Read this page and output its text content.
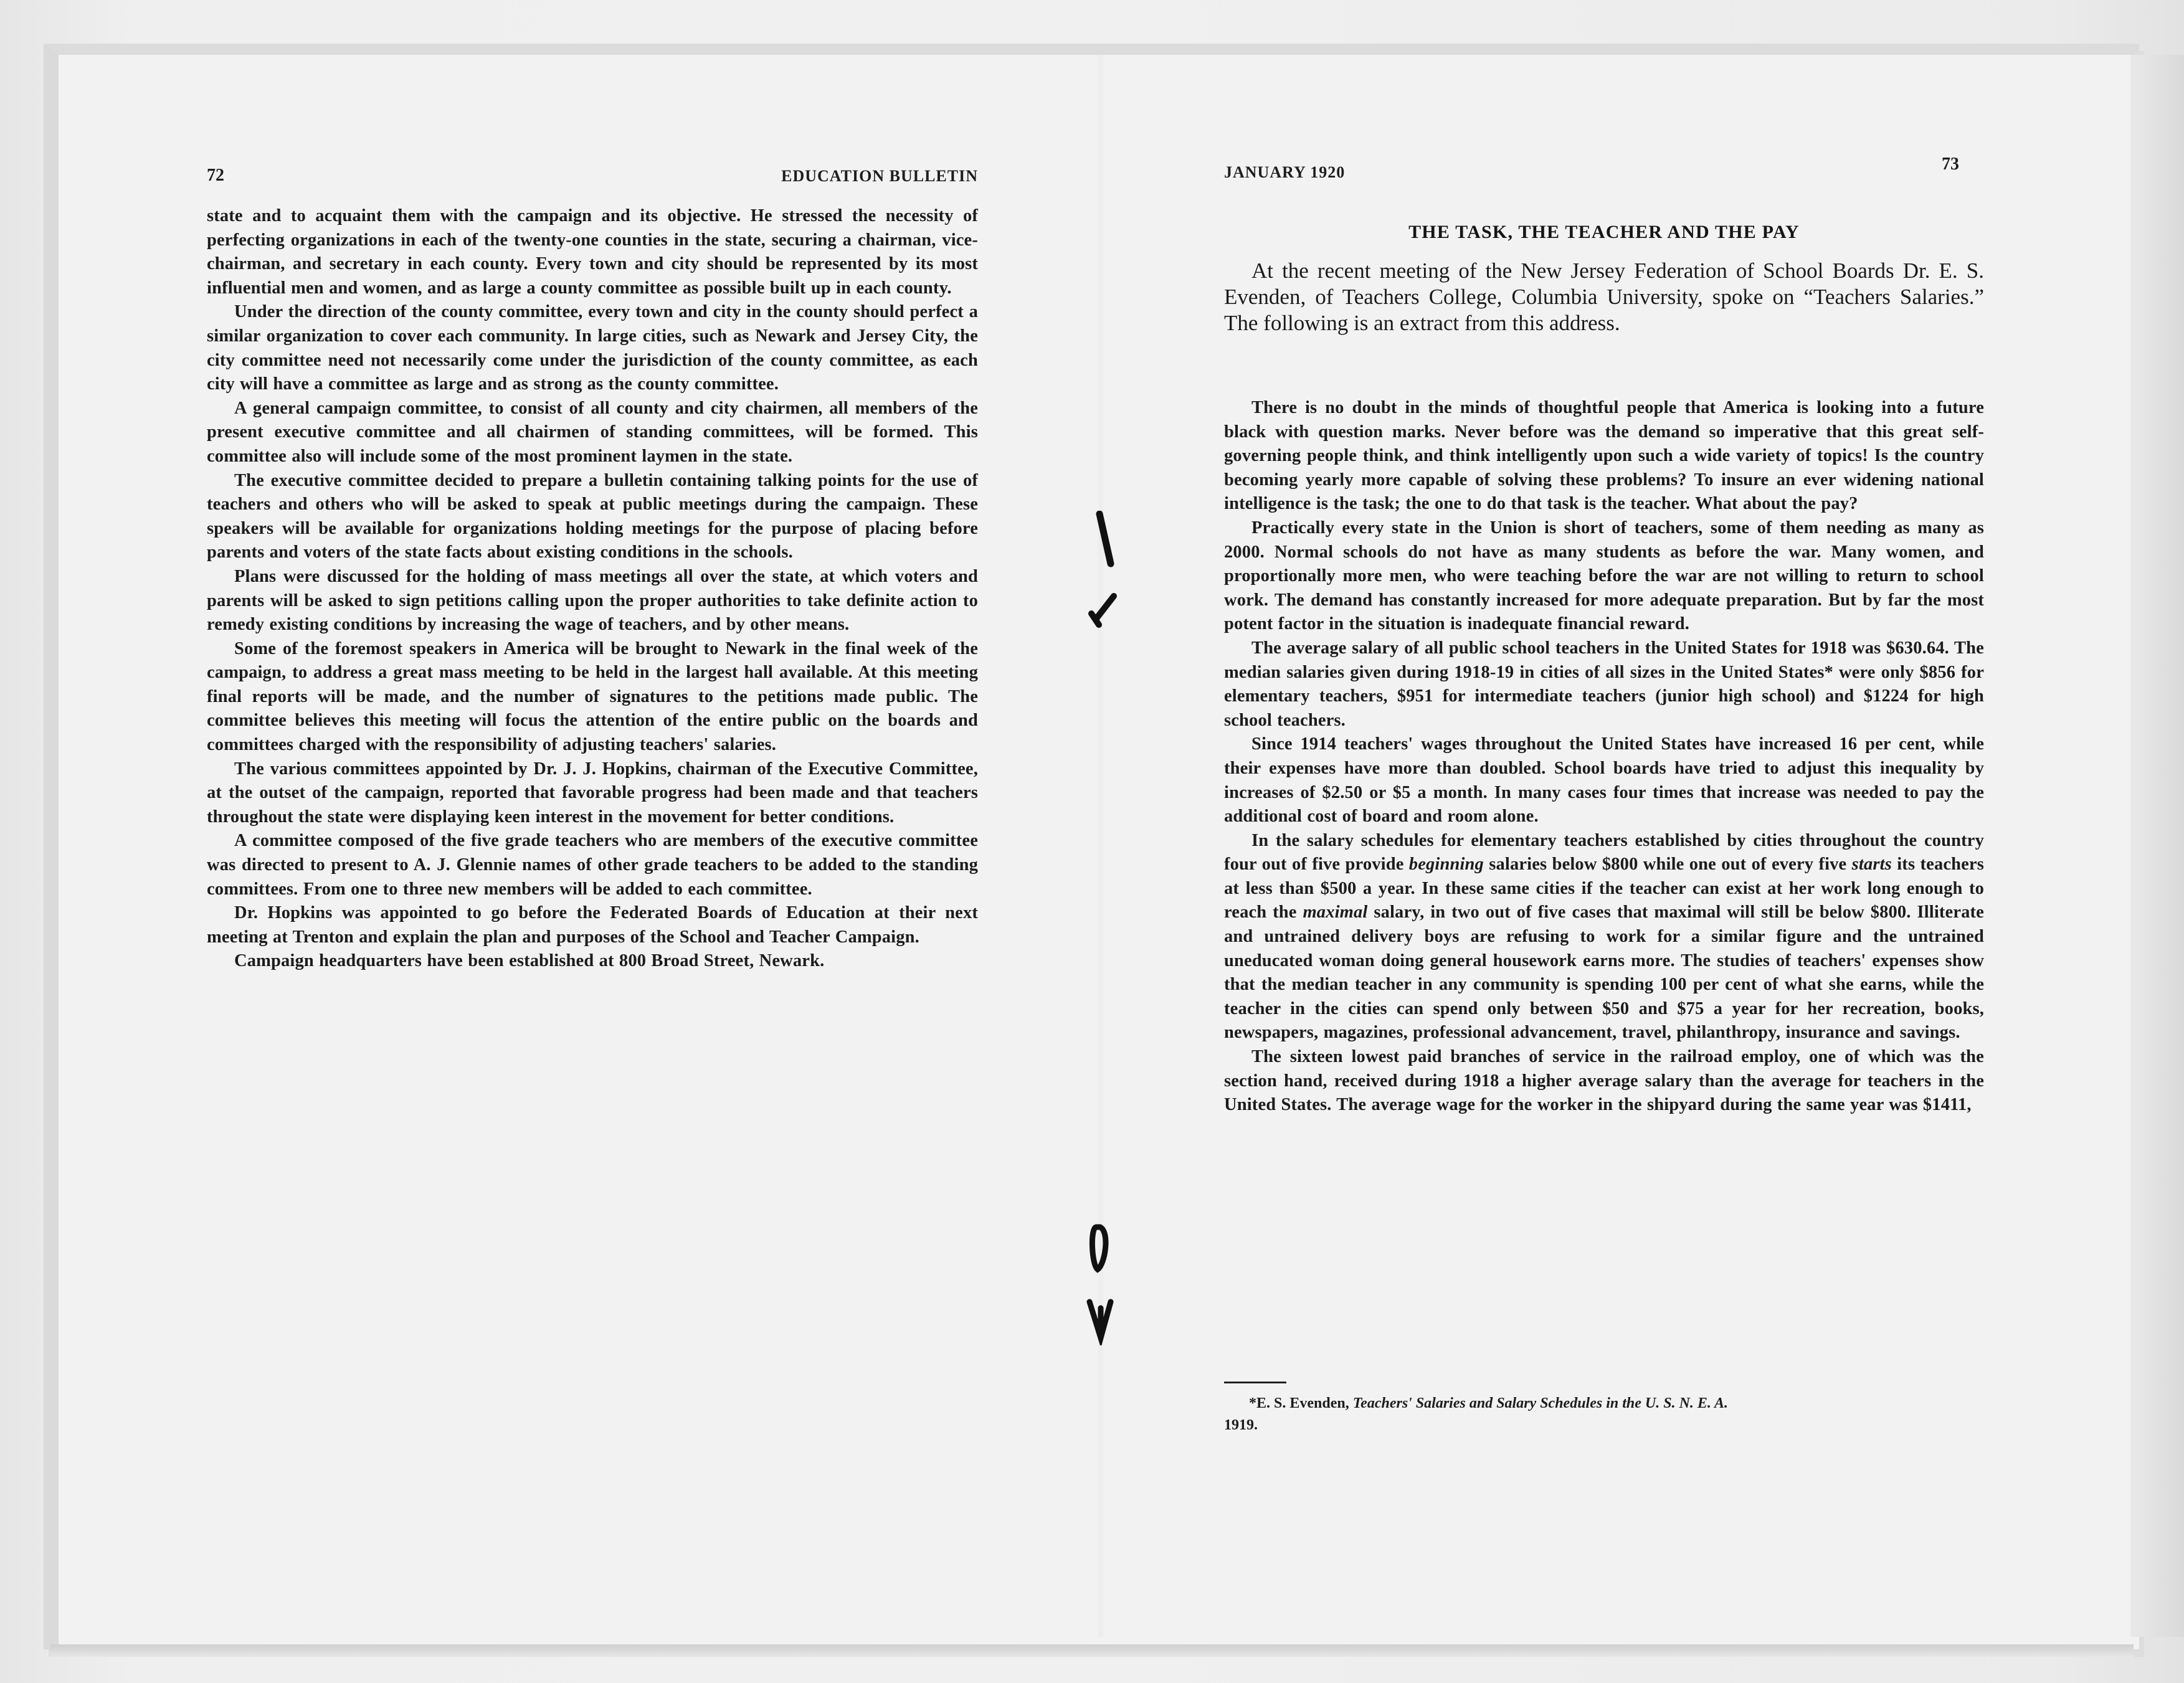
72	EDUCATION BULLETIN

state and to acquaint them with the campaign and its objective. He stressed the necessity of perfecting organizations in each of the twenty-one counties in the state, securing a chairman, vice-chairman, and secretary in each county. Every town and city should be represented by its most influential men and women, and as large a county committee as possible built up in each county.

Under the direction of the county committee, every town and city in the county should perfect a similar organization to cover each community. In large cities, such as Newark and Jersey City, the city committee need not necessarily come under the jurisdiction of the county committee, as each city will have a committee as large and as strong as the county committee.

A general campaign committee, to consist of all county and city chairmen, all members of the present executive committee and all chairmen of standing committees, will be formed. This committee also will include some of the most prominent laymen in the state.

The executive committee decided to prepare a bulletin containing talking points for the use of teachers and others who will be asked to speak at public meetings during the campaign. These speakers will be available for organizations holding meetings for the purpose of placing before parents and voters of the state facts about existing conditions in the schools.

Plans were discussed for the holding of mass meetings all over the state, at which voters and parents will be asked to sign petitions calling upon the proper authorities to take definite action to remedy existing conditions by increasing the wage of teachers, and by other means.

Some of the foremost speakers in America will be brought to Newark in the final week of the campaign, to address a great mass meeting to be held in the largest hall available. At this meeting final reports will be made, and the number of signatures to the petitions made public. The committee believes this meeting will focus the attention of the entire public on the boards and committees charged with the responsibility of adjusting teachers' salaries.

The various committees appointed by Dr. J. J. Hopkins, chairman of the Executive Committee, at the outset of the campaign, reported that favorable progress had been made and that teachers throughout the state were displaying keen interest in the movement for better conditions.

A committee composed of the five grade teachers who are members of the executive committee was directed to present to A. J. Glennie names of other grade teachers to be added to the standing committees. From one to three new members will be added to each committee.

Dr. Hopkins was appointed to go before the Federated Boards of Education at their next meeting at Trenton and explain the plan and purposes of the School and Teacher Campaign.

Campaign headquarters have been established at 800 Broad Street, Newark.

JANUARY 1920	73
THE TASK, THE TEACHER AND THE PAY

At the recent meeting of the New Jersey Federation of School Boards Dr. E. S. Evenden, of Teachers College, Columbia University, spoke on “Teachers Salaries.” The following is an extract from this address.

There is no doubt in the minds of thoughtful people that America is looking into a future black with question marks. Never before was the demand so imperative that this great self-governing people think, and think intelligently upon such a wide variety of topics! Is the country becoming yearly more capable of solving these problems? To insure an ever widening national intelligence is the task; the one to do that task is the teacher. What about the pay?

Practically every state in the Union is short of teachers, some of them needing as many as 2000. Normal schools do not have as many students as before the war. Many women, and proportionally more men, who were teaching before the war are not willing to return to school work. The demand has constantly increased for more adequate preparation. But by far the most potent factor in the situation is inadequate financial reward.

The average salary of all public school teachers in the United States for 1918 was $630.64. The median salaries given during 1918-19 in cities of all sizes in the United States* were only $856 for elementary teachers, $951 for intermediate teachers (junior high school) and $1224 for high school teachers.

Since 1914 teachers' wages throughout the United States have increased 16 per cent, while their expenses have more than doubled. School boards have tried to adjust this inequality by increases of $2.50 or $5 a month. In many cases four times that increase was needed to pay the additional cost of board and room alone.

In the salary schedules for elementary teachers established by cities throughout the country four out of five provide beginning salaries below $800 while one out of every five starts its teachers at less than $500 a year. In these same cities if the teacher can exist at her work long enough to reach the maximal salary, in two out of five cases that maximal will still be below $800. Illiterate and untrained delivery boys are refusing to work for a similar figure and the untrained uneducated woman doing general housework earns more. The studies of teachers' expenses show that the median teacher in any community is spending 100 per cent of what she earns, while the teacher in the cities can spend only between $50 and $75 a year for her recreation, books, newspapers, magazines, professional advancement, travel, philanthropy, insurance and savings.

The sixteen lowest paid branches of service in the railroad employ, one of which was the section hand, received during 1918 a higher average salary than the average for teachers in the United States. The average wage for the worker in the shipyard during the same year was $1411,

*E. S. Evenden, Teachers' Salaries and Salary Schedules in the U. S. N. E. A.
1919.
